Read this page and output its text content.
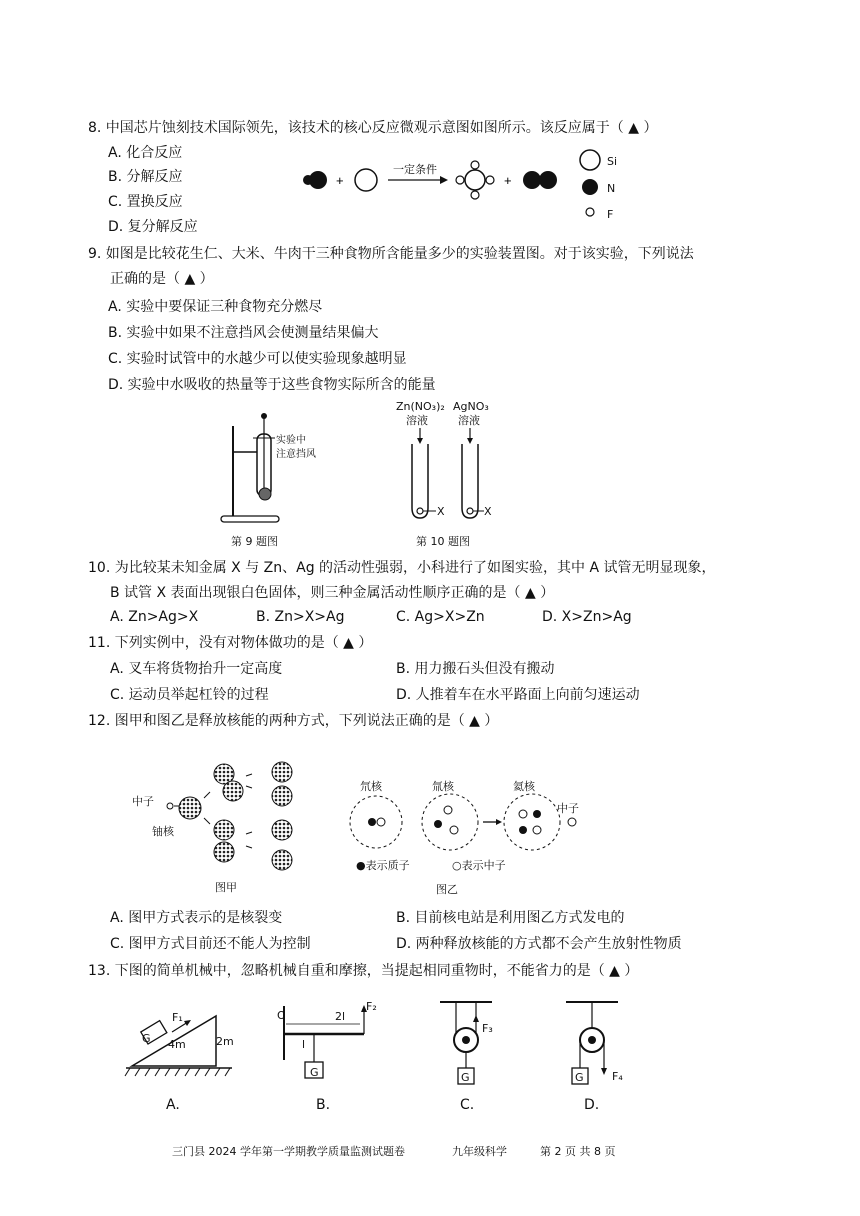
8. 中国芯片蚀刻技术国际领先，该技术的核心反应微观示意图如图所示。该反应属于（ ▲ ）
A. 化合反应
B. 分解反应
C. 置换反应
D. 复分解反应
+	+
一定条件
Si
N
F
9. 如图是比较花生仁、大米、牛肉干三种食物所含能量多少的实验装置图。对于该实验，下列说法
正确的是（ ▲ ）
A. 实验中要保证三种食物充分燃尽
B. 实验中如果不注意挡风会使测量结果偏大
C. 实验时试管中的水越少可以使实验现象越明显
D. 实验中水吸收的热量等于这些食物实际所含的能量
实验中
注意挡风
第 9 题图
Zn(NO₃)₂
溶液
AgNO₃
溶液
X	X
第 10 题图
10. 为比较某未知金属 X 与 Zn、Ag 的活动性强弱，小科进行了如图实验，其中 A 试管无明显现象，
B 试管 X 表面出现银白色固体，则三种金属活动性顺序正确的是（ ▲ ）
A. Zn>Ag>X	B. Zn>X>Ag	C. Ag>X>Zn	D. X>Zn>Ag
11. 下列实例中，没有对物体做功的是（ ▲ ）
A. 叉车将货物抬升一定高度	B. 用力搬石头但没有搬动
C. 运动员举起杠铃的过程	D. 人推着车在水平路面上向前匀速运动
12. 图甲和图乙是释放核能的两种方式，下列说法正确的是（ ▲ ）
中子
铀核
图甲
氘核	氚核	氦核
中子
●表示质子	○表示中子
图乙
A. 图甲方式表示的是核裂变	B. 目前核电站是利用图乙方式发电的
C. 图甲方式目前还不能人为控制	D. 两种释放核能的方式都不会产生放射性物质
13. 下图的简单机械中，忽略机械自重和摩擦，当提起相同重物时，不能省力的是（ ▲ ）
G
F₁
4m	2m
A.
O	2l
l
F₂
G
B.
F₃
G
C.
F₄
G
D.
三门县 2024 学年第一学期教学质量监测试题卷	九年级科学	第 2 页 共 8 页
